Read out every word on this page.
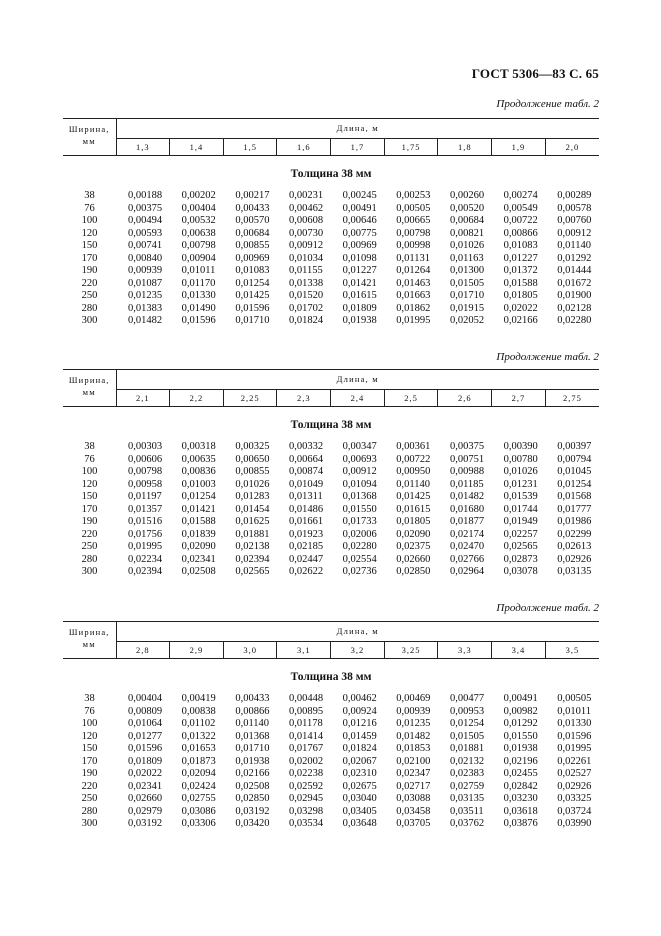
ГОСТ 5306—83 С. 65
Продолжение табл. 2
Ширина,
мм	Длина, м								
	1,3	1,4	1,5	1,6	1,7	1,75	1,8	1,9	2,0
Толщина 38 мм									

38	0,00188	0,00202	0,00217	0,00231	0,00245	0,00253	0,00260	0,00274	0,00289
76	0,00375	0,00404	0,00433	0,00462	0,00491	0,00505	0,00520	0,00549	0,00578
100	0,00494	0,00532	0,00570	0,00608	0,00646	0,00665	0,00684	0,00722	0,00760
120	0,00593	0,00638	0,00684	0,00730	0,00775	0,00798	0,00821	0,00866	0,00912
150	0,00741	0,00798	0,00855	0,00912	0,00969	0,00998	0,01026	0,01083	0,01140
170	0,00840	0,00904	0,00969	0,01034	0,01098	0,01131	0,01163	0,01227	0,01292
190	0,00939	0,01011	0,01083	0,01155	0,01227	0,01264	0,01300	0,01372	0,01444
220	0,01087	0,01170	0,01254	0,01338	0,01421	0,01463	0,01505	0,01588	0,01672
250	0,01235	0,01330	0,01425	0,01520	0,01615	0,01663	0,01710	0,01805	0,01900
280	0,01383	0,01490	0,01596	0,01702	0,01809	0,01862	0,01915	0,02022	0,02128
300	0,01482	0,01596	0,01710	0,01824	0,01938	0,01995	0,02052	0,02166	0,02280
Продолжение табл. 2
Ширина,
мм	Длина, м								
	2,1	2,2	2,25	2,3	2,4	2,5	2,6	2,7	2,75
Толщина 38 мм									

38	0,00303	0,00318	0,00325	0,00332	0,00347	0,00361	0,00375	0,00390	0,00397
76	0,00606	0,00635	0,00650	0,00664	0,00693	0,00722	0,00751	0,00780	0,00794
100	0,00798	0,00836	0,00855	0,00874	0,00912	0,00950	0,00988	0,01026	0,01045
120	0,00958	0,01003	0,01026	0,01049	0,01094	0,01140	0,01185	0,01231	0,01254
150	0,01197	0,01254	0,01283	0,01311	0,01368	0,01425	0,01482	0,01539	0,01568
170	0,01357	0,01421	0,01454	0,01486	0,01550	0,01615	0,01680	0,01744	0,01777
190	0,01516	0,01588	0,01625	0,01661	0,01733	0,01805	0,01877	0,01949	0,01986
220	0,01756	0,01839	0,01881	0,01923	0,02006	0,02090	0,02174	0,02257	0,02299
250	0,01995	0,02090	0,02138	0,02185	0,02280	0,02375	0,02470	0,02565	0,02613
280	0,02234	0,02341	0,02394	0,02447	0,02554	0,02660	0,02766	0,02873	0,02926
300	0,02394	0,02508	0,02565	0,02622	0,02736	0,02850	0,02964	0,03078	0,03135

Продолжение табл. 2
Ширина,
мм	Длина, м								
	2,8	2,9	3,0	3,1	3,2	3,25	3,3	3,4	3,5
Толщина 38 мм									

38	0,00404	0,00419	0,00433	0,00448	0,00462	0,00469	0,00477	0,00491	0,00505
76	0,00809	0,00838	0,00866	0,00895	0,00924	0,00939	0,00953	0,00982	0,01011
100	0,01064	0,01102	0,01140	0,01178	0,01216	0,01235	0,01254	0,01292	0,01330
120	0,01277	0,01322	0,01368	0,01414	0,01459	0,01482	0,01505	0,01550	0,01596
150	0,01596	0,01653	0,01710	0,01767	0,01824	0,01853	0,01881	0,01938	0,01995
170	0,01809	0,01873	0,01938	0,02002	0,02067	0,02100	0,02132	0,02196	0,02261
190	0,02022	0,02094	0,02166	0,02238	0,02310	0,02347	0,02383	0,02455	0,02527
220	0,02341	0,02424	0,02508	0,02592	0,02675	0,02717	0,02759	0,02842	0,02926
250	0,02660	0,02755	0,02850	0,02945	0,03040	0,03088	0,03135	0,03230	0,03325
280	0,02979	0,03086	0,03192	0,03298	0,03405	0,03458	0,03511	0,03618	0,03724
300	0,03192	0,03306	0,03420	0,03534	0,03648	0,03705	0,03762	0,03876	0,03990
